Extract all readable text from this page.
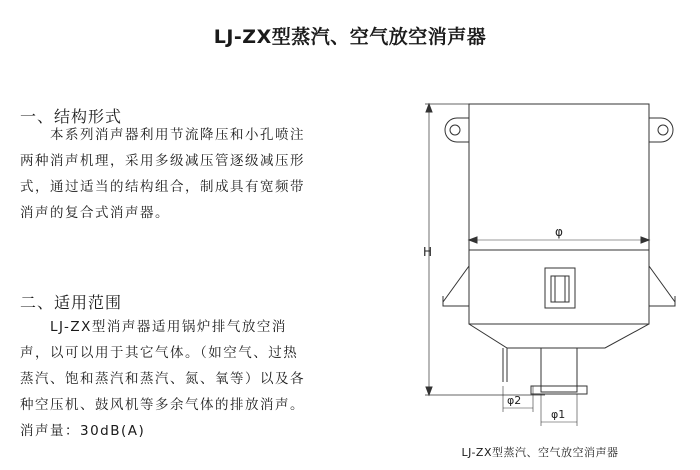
LJ-ZX型蒸汽、空气放空消声器
一、结构形式
　　本系列消声器利用节流降压和小孔喷注
两种消声机理，采用多级减压管逐级减压形
式，通过适当的结构组合，制成具有宽频带
消声的复合式消声器。
二、适用范围
　　LJ-ZX型消声器适用锅炉排气放空消
声，以可以用于其它气体。（如空气、过热
蒸汽、饱和蒸汽和蒸汽、氮、氧等）以及各
种空压机、鼓风机等多余气体的排放消声。
消声量：30dB(A)
H
φ
φ2
φ1
LJ-ZX型蒸汽、空气放空消声器
